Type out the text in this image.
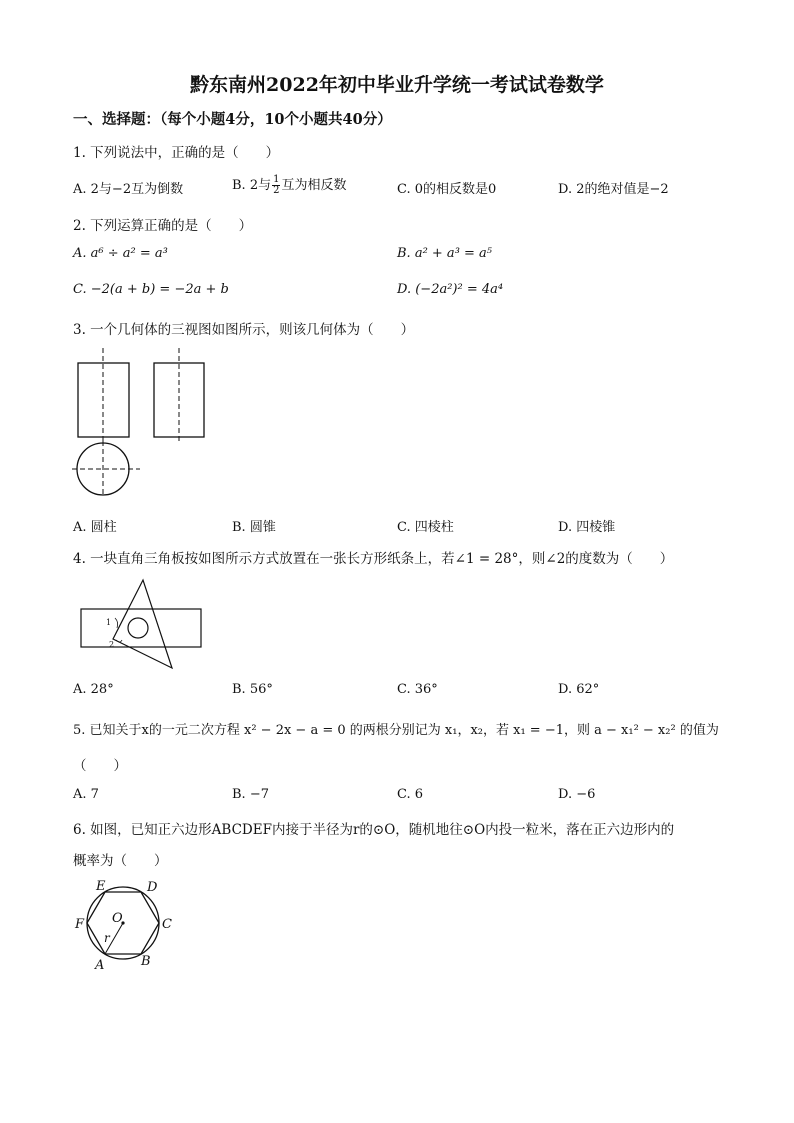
黔东南州2022年初中毕业升学统一考试试卷数学
一、选择题：（每个小题4分，10个小题共40分）
1. 下列说法中，正确的是（　　）
A. 2与−2互为倒数	B. 2与 $\frac{1}{2}$ 互为相反数	C. 0的相反数是0	D. 2的绝对值是−2
2. 下列运算正确的是（　　）
A. a⁶ ÷ a² = a³	B. a² + a³ = a⁵
C. −2(a + b) = −2a + b	D. (−2a²)² = 4a⁴
3. 一个几何体的三视图如图所示，则该几何体为（　　）
A. 圆柱	B. 圆锥	C. 四棱柱	D. 四棱锥
4. 一块直角三角板按如图所示方式放置在一张长方形纸条上，若∠1 = 28°，则∠2的度数为（　　）
1
2
A. 28°	B. 56°	C. 36°	D. 62°
5. 已知关于x的一元二次方程 x² − 2x − a = 0 的两根分别记为 x₁，x₂，若 x₁ = −1，则 a − x₁² − x₂² 的值为
（　　）
A. 7	B. −7	C. 6	D. −6
6. 如图，已知正六边形ABCDEF内接于半径为r的⊙O，随机地往⊙O内投一粒米，落在正六边形内的
概率为（　　）
E	D
F	C
A	B
O
r
